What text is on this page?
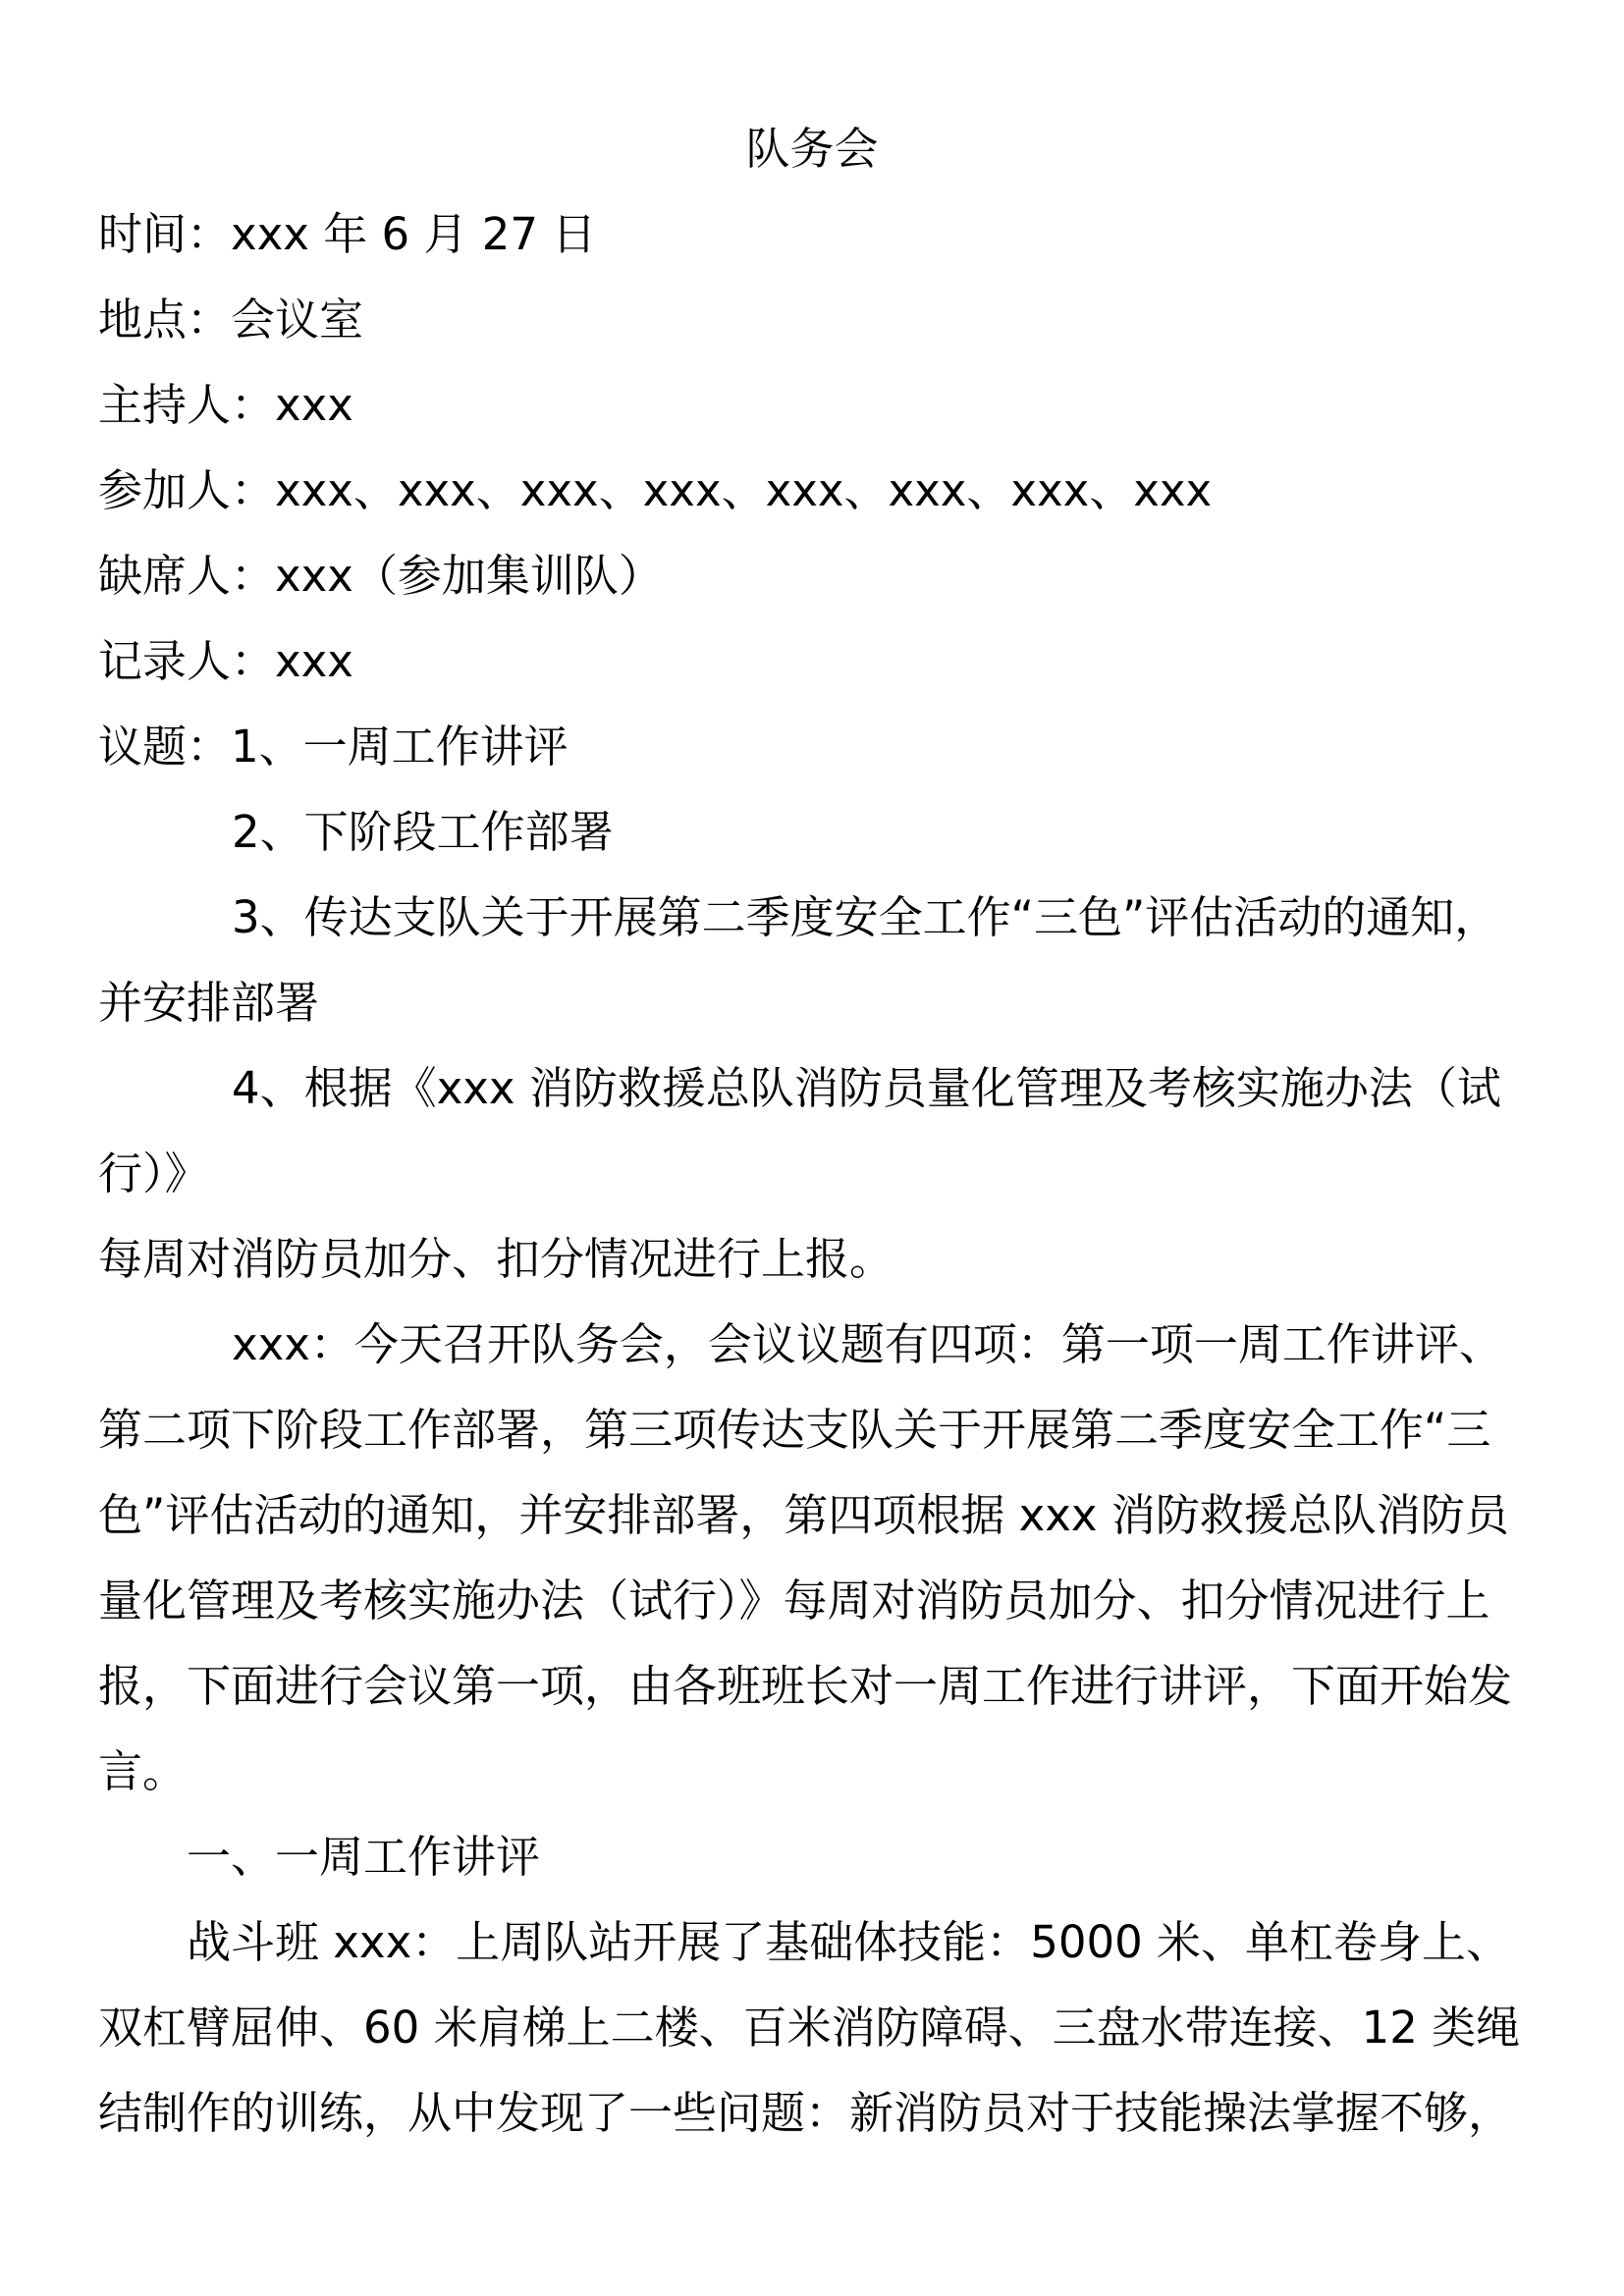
队务会
时间：xxx 年 6 月 27 日
地点：会议室
主持人：xxx
参加人：xxx、xxx、xxx、xxx、xxx、xxx、xxx、xxx
缺席人：xxx（参加集训队）
记录人：xxx
议题：1、一周工作讲评
2、下阶段工作部署
3、传达支队关于开展第二季度安全工作“三色”评估活动的通知，
并安排部署
4、根据《xxx 消防救援总队消防员量化管理及考核实施办法（试
行）》
每周对消防员加分、扣分情况进行上报。
xxx：今天召开队务会，会议议题有四项：第一项一周工作讲评、
第二项下阶段工作部署，第三项传达支队关于开展第二季度安全工作“三
色”评估活动的通知，并安排部署，第四项根据 xxx 消防救援总队消防员
量化管理及考核实施办法（试行）》每周对消防员加分、扣分情况进行上
报，下面进行会议第一项，由各班班长对一周工作进行讲评，下面开始发
言。
一、一周工作讲评
战斗班 xxx：上周队站开展了基础体技能：5000 米、单杠卷身上、
双杠臂屈伸、60 米肩梯上二楼、百米消防障碍、三盘水带连接、12 类绳
结制作的训练，从中发现了一些问题：新消防员对于技能操法掌握不够，
